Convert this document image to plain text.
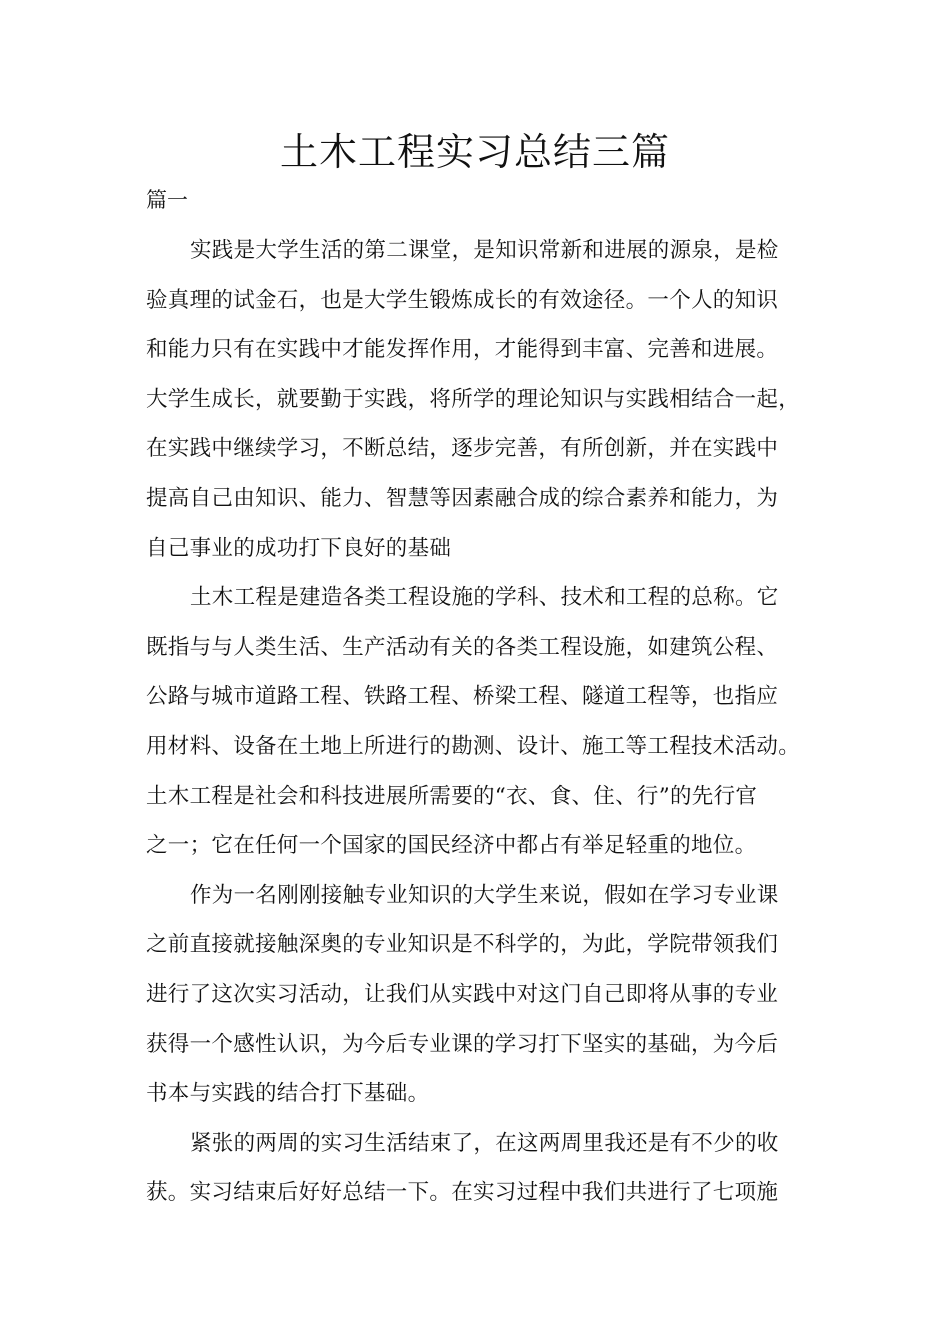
土木工程实习总结三篇

篇一

实践是大学生活的第二课堂，是知识常新和进展的源泉，是检
验真理的试金石，也是大学生锻炼成长的有效途径。一个人的知识
和能力只有在实践中才能发挥作用，才能得到丰富、完善和进展。
大学生成长，就要勤于实践，将所学的理论知识与实践相结合一起，
在实践中继续学习，不断总结，逐步完善，有所创新，并在实践中
提高自己由知识、能力、智慧等因素融合成的综合素养和能力，为
自己事业的成功打下良好的基础
土木工程是建造各类工程设施的学科、技术和工程的总称。它
既指与与人类生活、生产活动有关的各类工程设施，如建筑公程、
公路与城市道路工程、铁路工程、桥梁工程、隧道工程等，也指应
用材料、设备在土地上所进行的勘测、设计、施工等工程技术活动。
土木工程是社会和科技进展所需要的“衣、食、住、行”的先行官
之一；它在任何一个国家的国民经济中都占有举足轻重的地位。
作为一名刚刚接触专业知识的大学生来说，假如在学习专业课
之前直接就接触深奥的专业知识是不科学的，为此，学院带领我们
进行了这次实习活动，让我们从实践中对这门自己即将从事的专业
获得一个感性认识，为今后专业课的学习打下坚实的基础，为今后
书本与实践的结合打下基础。
紧张的两周的实习生活结束了，在这两周里我还是有不少的收
获。实习结束后好好总结一下。在实习过程中我们共进行了七项施
